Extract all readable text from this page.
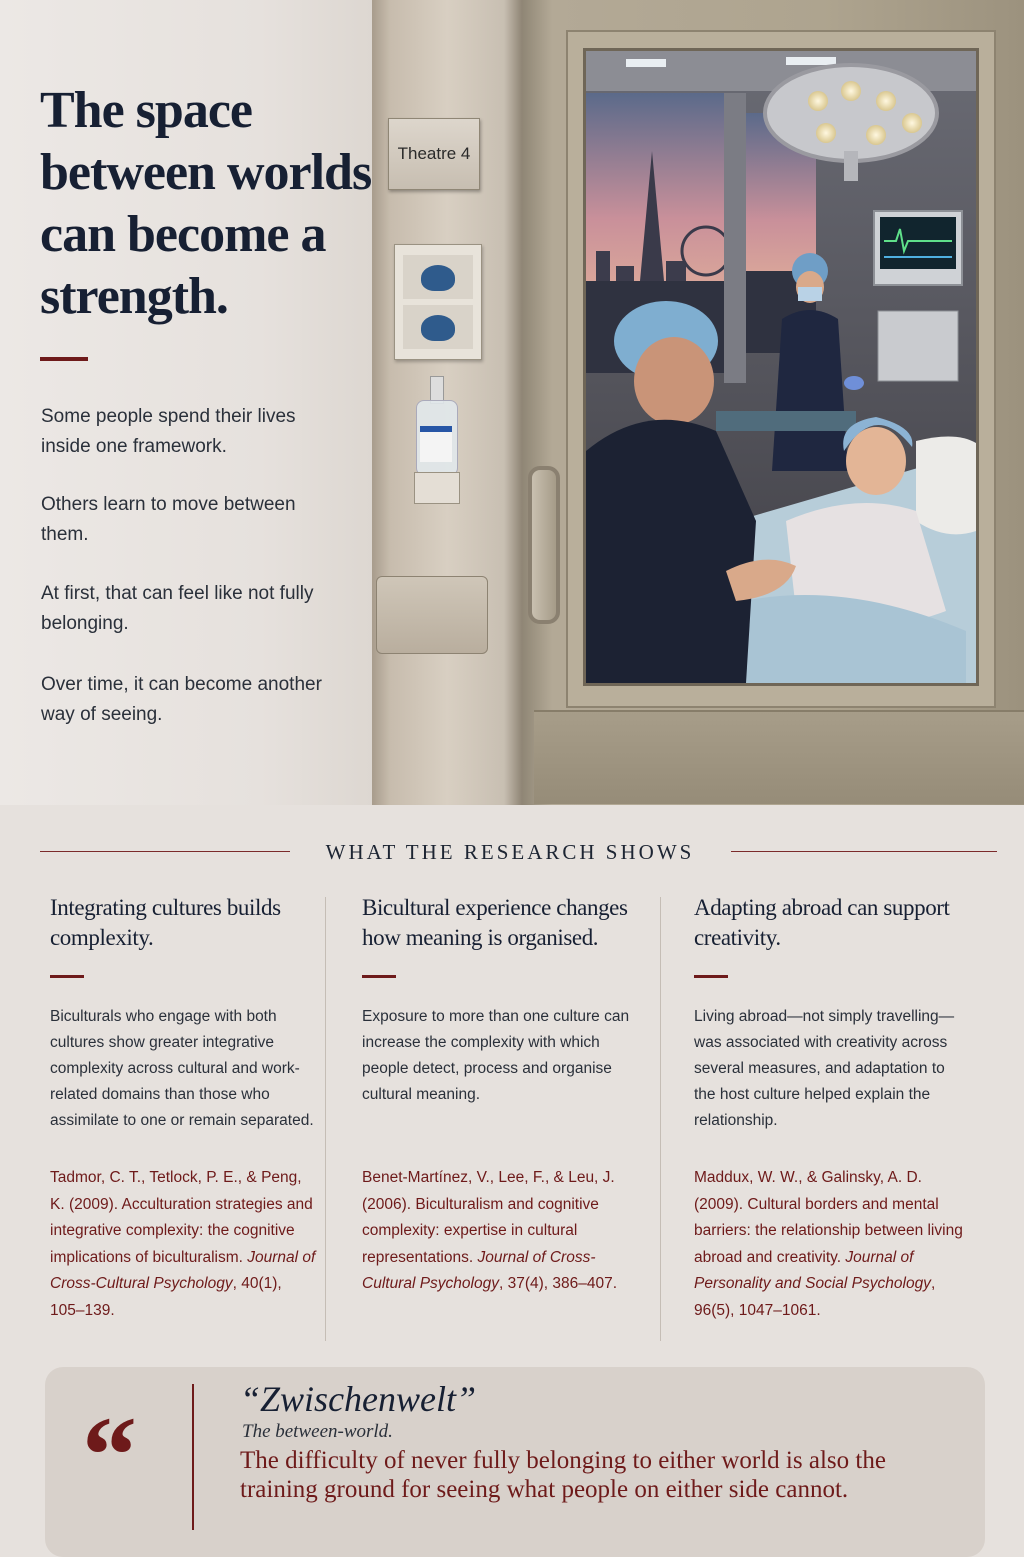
The space between worlds can become a strength.

Some people spend their lives inside one framework.

Others learn to move between them.

At first, that can feel like not fully belonging.

Over time, it can become another way of seeing.

Theatre 4
WHAT THE RESEARCH SHOWS
Integrating cultures builds complexity.

Biculturals who engage with both cultures show greater integrative complexity across cultural and work-related domains than those who assimilate to one or remain separated.

Tadmor, C. T., Tetlock, P. E., & Peng, K. (2009). Acculturation strategies and integrative complexity: the cognitive implications of biculturalism. Journal of Cross-Cultural Psychology, 40(1), 105–139.

Bicultural experience changes how meaning is organised.

Exposure to more than one culture can increase the complexity with which people detect, process and organise cultural meaning.

Benet-Martínez, V., Lee, F., & Leu, J. (2006). Biculturalism and cognitive complexity: expertise in cultural representations. Journal of Cross-Cultural Psychology, 37(4), 386–407.

Adapting abroad can support creativity.

Living abroad—not simply travelling—was associated with creativity across several measures, and adaptation to the host culture helped explain the relationship.

Maddux, W. W., & Galinsky, A. D. (2009). Cultural borders and mental barriers: the relationship between living abroad and creativity. Journal of Personality and Social Psychology, 96(5), 1047–1061.

“	“Zwischenwelt”

The between-world.

The difficulty of never fully belonging to either world is also the training ground for seeing what people on either side cannot.
